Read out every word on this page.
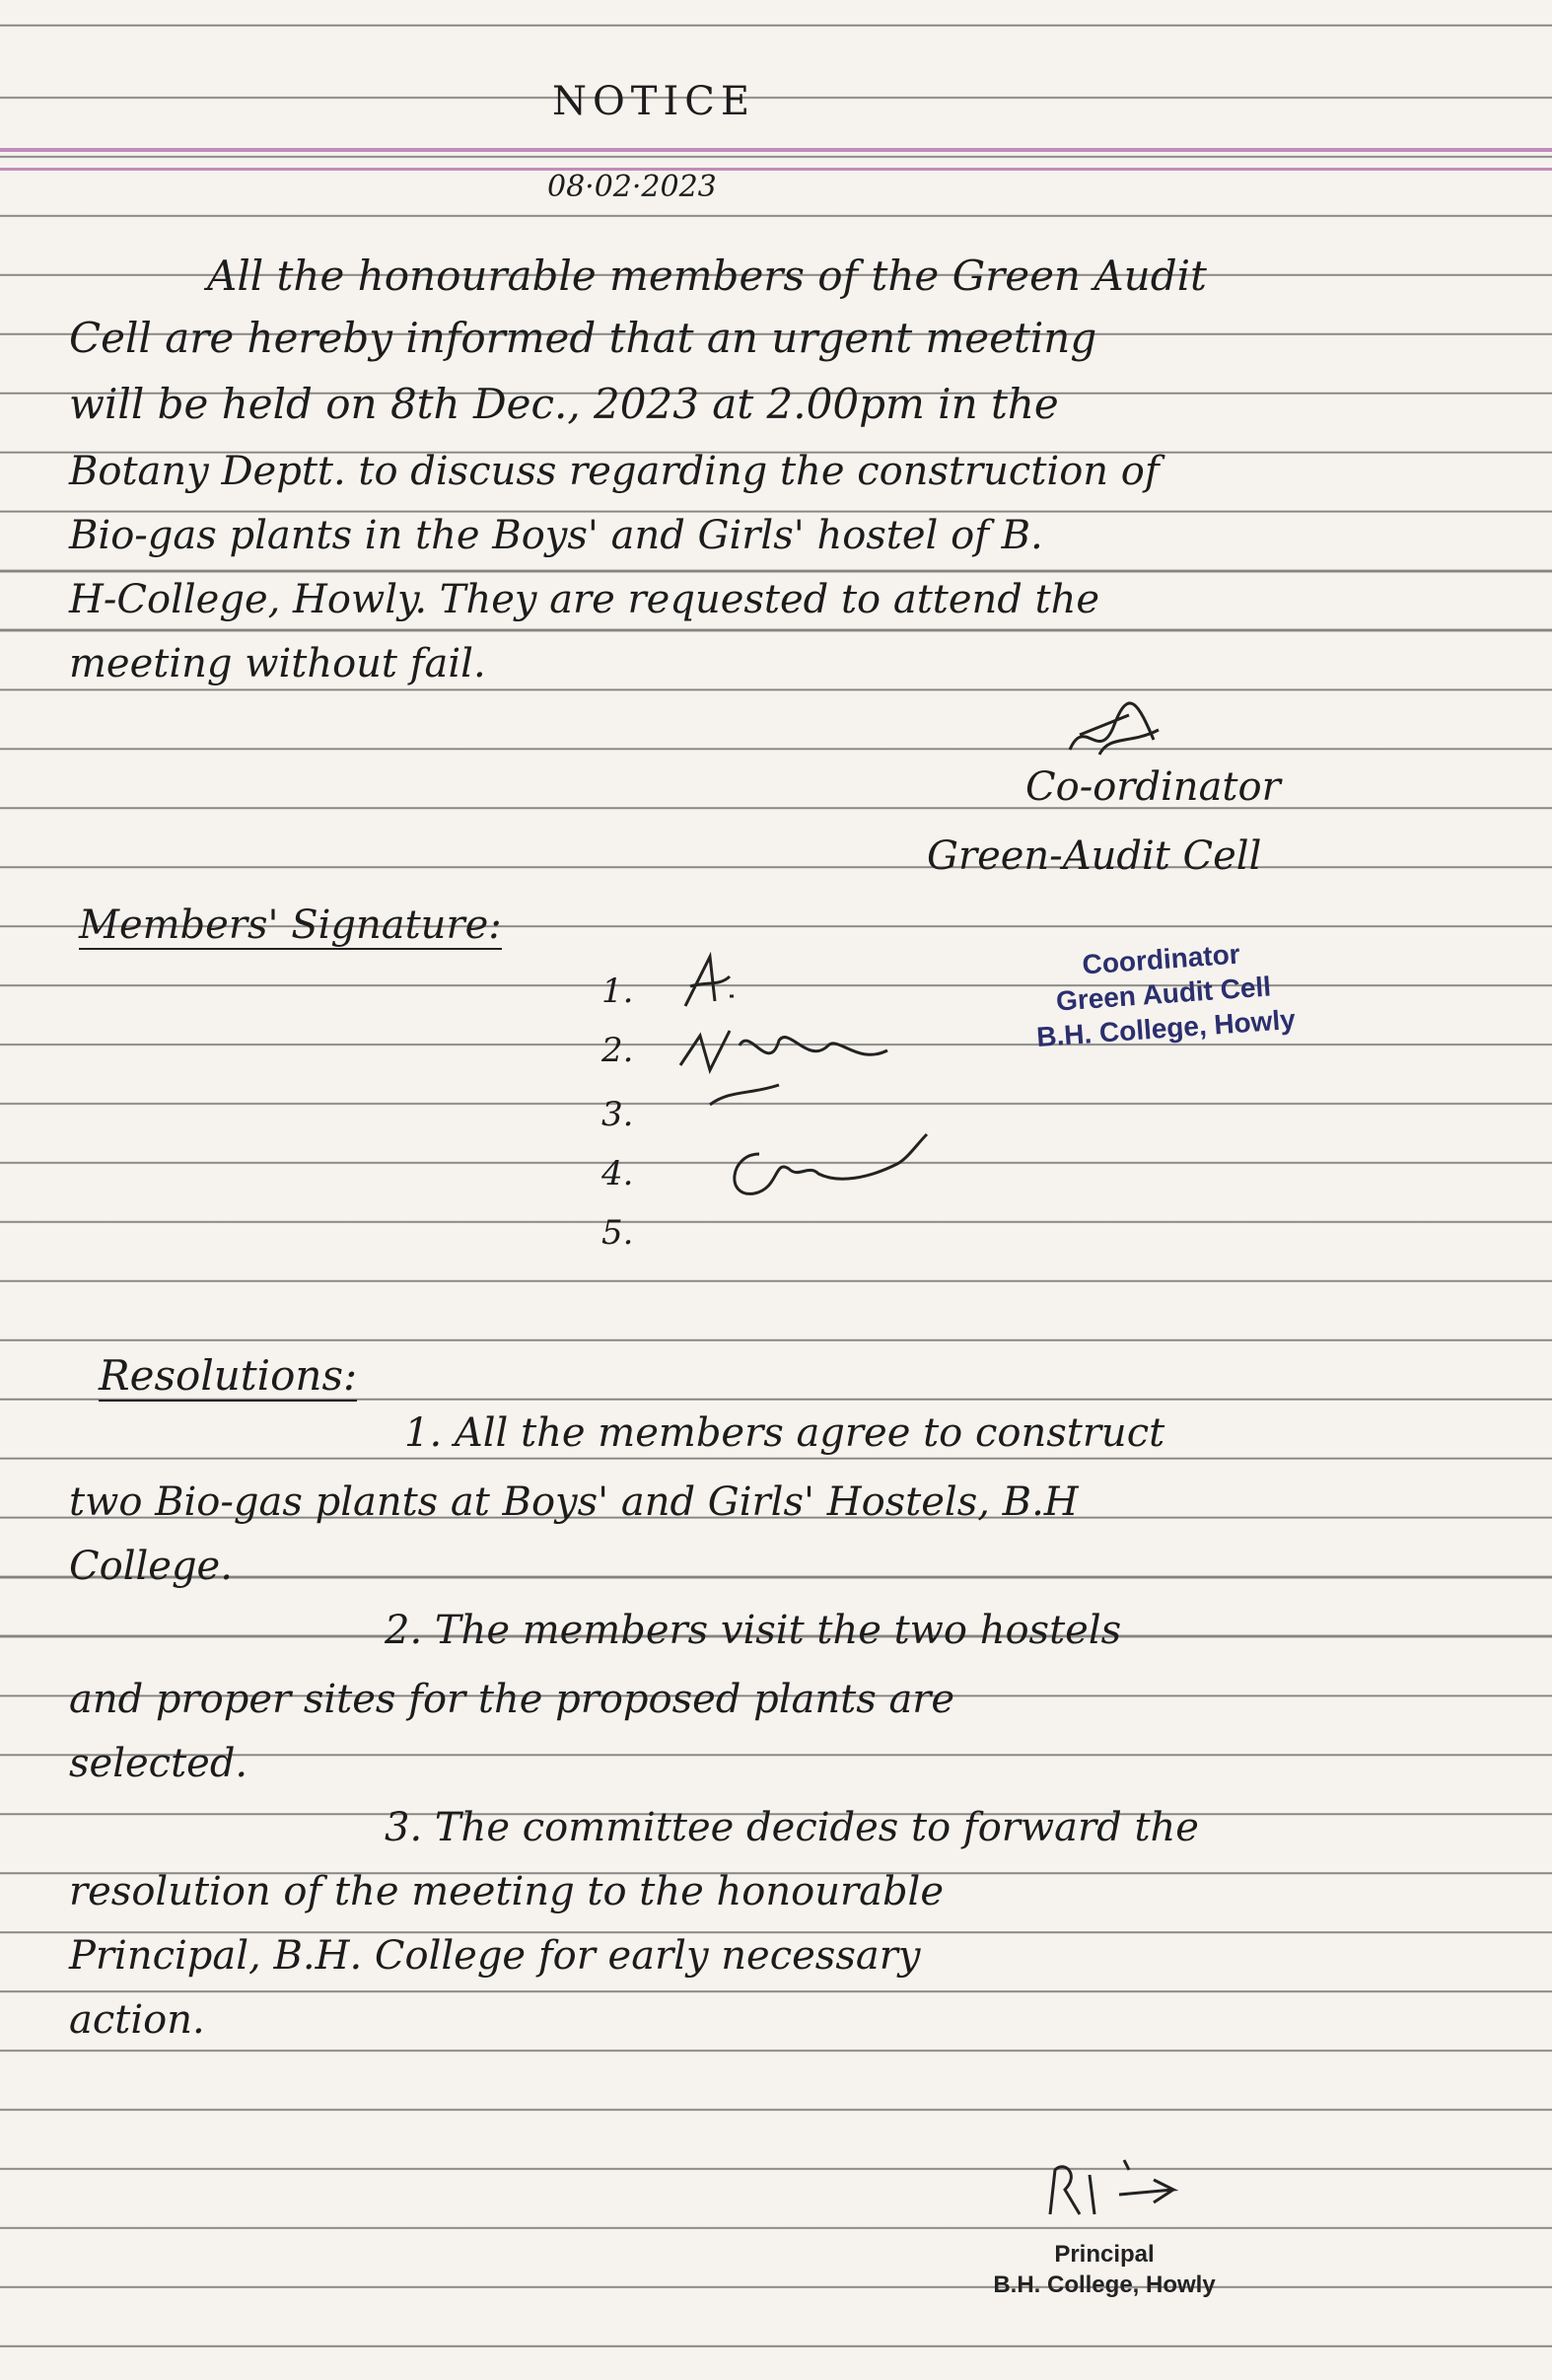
NOTICE
08·02·2023
All the honourable members of the Green Audit
Cell are hereby informed that an urgent meeting
will be held on 8th Dec., 2023 at 2.00pm in the
Botany Deptt. to discuss regarding the construction of
Bio-gas plants in the Boys' and Girls' hostel of B.
H-College, Howly. They are requested to attend the
meeting without fail.
Co-ordinator
Green-Audit Cell
Members' Signature:
Coordinator
Green Audit Cell
B.H. College, Howly
1.
2.
3.
4.
5.
Resolutions:
1. All the members agree to construct
two Bio-gas plants at Boys' and Girls' Hostels, B.H
College.
2. The members visit the two hostels
and proper sites for the proposed plants are
selected.
3. The committee decides to forward the
resolution of the meeting to the honourable
Principal, B.H. College for early necessary
action.
Principal
B.H. College, Howly
